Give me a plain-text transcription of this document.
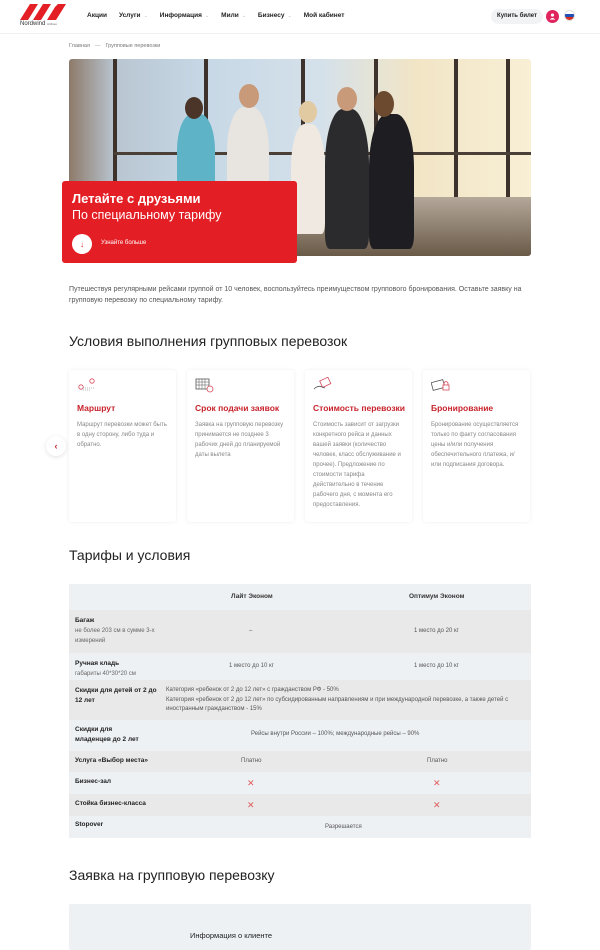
Nordwind Airlines
Акции Услуги ⌄ Информация ⌄ Мили ⌄ Бизнесу ⌄ Мой кабинет	Купить билет
Главная — Групповые перевозки
Летайте с друзьями
По специальному тарифу
↓	Узнайте больше

Путешествуя регулярными рейсами группой от 10 человек, воспользуйтесь преимуществом группового бронирования. Оставьте заявку на групповую перевозку по специальному тарифу.

Условия выполнения групповых перевозок
Маршрут
Маршрут перевозки может быть в одну сторону, либо туда и обратно.
Срок подачи заявок
Заявка на групповую перевозку принимается не позднее 3 рабочих дней до планируемой даты вылета
Стоимость перевозки
Стоимость зависит от загрузки конкретного рейса и данных вашей заявки (количество человек, класс обслуживание и прочее). Предложение по стоимости тарифа действительно в течение рабочего дня, с момента его предоставления.
Бронирование
Бронирование осуществляется только по факту согласования цены и/или получения обеспечительного платежа, и/или подписания договора.
‹
Тарифы и условия
Лайт Эконом	Оптимум Эконом
Багаж

не более 203 см в сумме 3-х измерений
–	1 место до 20 кг
Ручная кладь
габариты 40*30*20 см
1 место до 10 кг	1 место до 10 кг
Скидки для детей от 2 до 12 лет
Категория «ребенок от 2 до 12 лет» с гражданством РФ - 50%
Категория «ребенок от 2 до 12 лет» по субсидированным направлениям и при международной перевозке, а также детей с иностранным гражданством - 15%
Скидки для младенцев до 2 лет
Рейсы внутри России – 100%; международные рейсы – 90%
Услуга «Выбор места»	Платно	Платно
Бизнес-зал	✕	✕
Стойка бизнес-класса	✕	✕
Stopover	Разрешается
Заявка на групповую перевозку
Информация о клиенте
